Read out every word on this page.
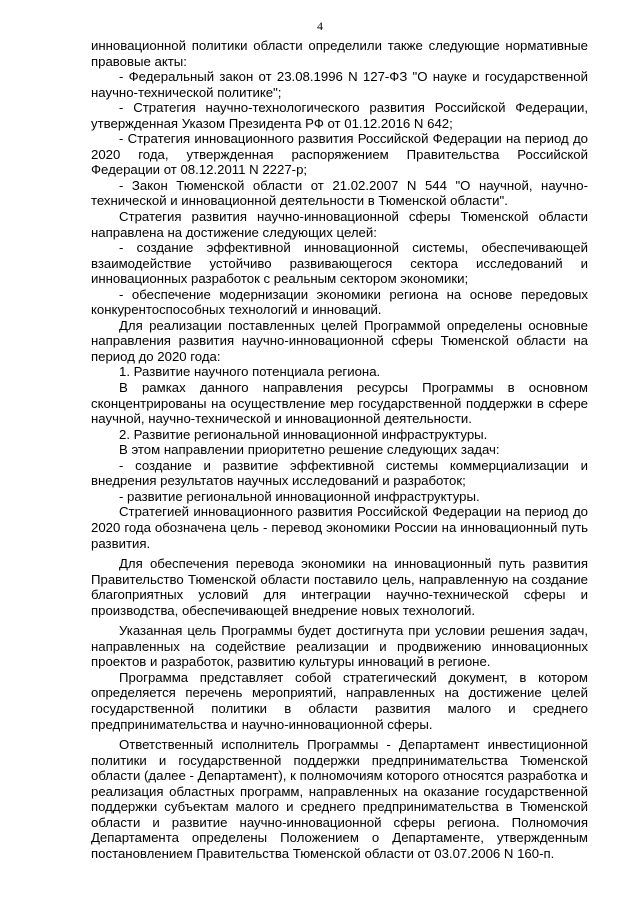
4

инновационной политики области определили также следующие нормативные правовые акты:

- Федеральный закон от 23.08.1996 N 127-ФЗ "О науке и государственной научно-технической политике";

- Стратегия научно-технологического развития Российской Федерации, утвержденная Указом Президента РФ от 01.12.2016 N 642;

- Стратегия инновационного развития Российской Федерации на период до 2020 года, утвержденная распоряжением Правительства Российской Федерации от 08.12.2011 N 2227-р;

- Закон Тюменской области от 21.02.2007 N 544 "О научной, научно-технической и инновационной деятельности в Тюменской области".

Стратегия развития научно-инновационной сферы Тюменской области направлена на достижение следующих целей:

- создание эффективной инновационной системы, обеспечивающей взаимодействие устойчиво развивающегося сектора исследований и инновационных разработок с реальным сектором экономики;

- обеспечение модернизации экономики региона на основе передовых конкурентоспособных технологий и инноваций.

Для реализации поставленных целей Программой определены основные направления развития научно-инновационной сферы Тюменской области на период до 2020 года:

1. Развитие научного потенциала региона.

В рамках данного направления ресурсы Программы в основном сконцентрированы на осуществление мер государственной поддержки в сфере научной, научно-технической и инновационной деятельности.

2. Развитие региональной инновационной инфраструктуры.

В этом направлении приоритетно решение следующих задач:

- создание и развитие эффективной системы коммерциализации и внедрения результатов научных исследований и разработок;

- развитие региональной инновационной инфраструктуры.

Стратегией инновационного развития Российской Федерации на период до 2020 года обозначена цель - перевод экономики России на инновационный путь развития.

Для обеспечения перевода экономики на инновационный путь развития Правительство Тюменской области поставило цель, направленную на создание благоприятных условий для интеграции научно-технической сферы и производства, обеспечивающей внедрение новых технологий.

Указанная цель Программы будет достигнута при условии решения задач, направленных на содействие реализации и продвижению инновационных проектов и разработок, развитию культуры инноваций в регионе.

Программа представляет собой стратегический документ, в котором определяется перечень мероприятий, направленных на достижение целей государственной политики в области развития малого и среднего предпринимательства и научно-инновационной сферы.

Ответственный исполнитель Программы - Департамент инвестиционной политики и государственной поддержки предпринимательства Тюменской области (далее - Департамент), к полномочиям которого относятся разработка и реализация областных программ, направленных на оказание государственной поддержки субъектам малого и среднего предпринимательства в Тюменской области и развитие научно-инновационной сферы региона. Полномочия Департамента определены Положением о Департаменте, утвержденным постановлением Правительства Тюменской области от 03.07.2006 N 160-п.
